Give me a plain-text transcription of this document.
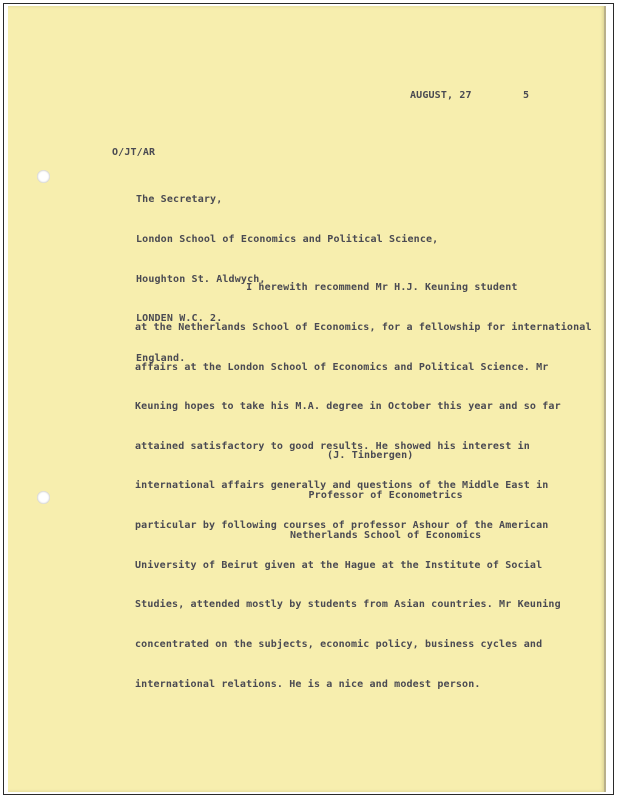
AUGUST, 27	5
O/JT/AR

The Secretary,

London School of Economics and Political Science,

Houghton St. Aldwych,

LONDEN W.C. 2.

England.

I herewith recommend Mr H.J. Keuning student

at the Netherlands School of Economics, for a fellowship for international

affairs at the London School of Economics and Political Science. Mr

Keuning hopes to take his M.A. degree in October this year and so far

attained satisfactory to good results. He showed his interest in

international affairs generally and questions of the Middle East in

particular by following courses of professor Ashour of the American

University of Beirut given at the Hague at the Institute of Social

Studies, attended mostly by students from Asian countries. Mr Keuning

concentrated on the subjects, economic policy, business cycles and

international relations. He is a nice and modest person.

(J. Tinbergen)

Professor of Econometrics

Netherlands School of Economics
